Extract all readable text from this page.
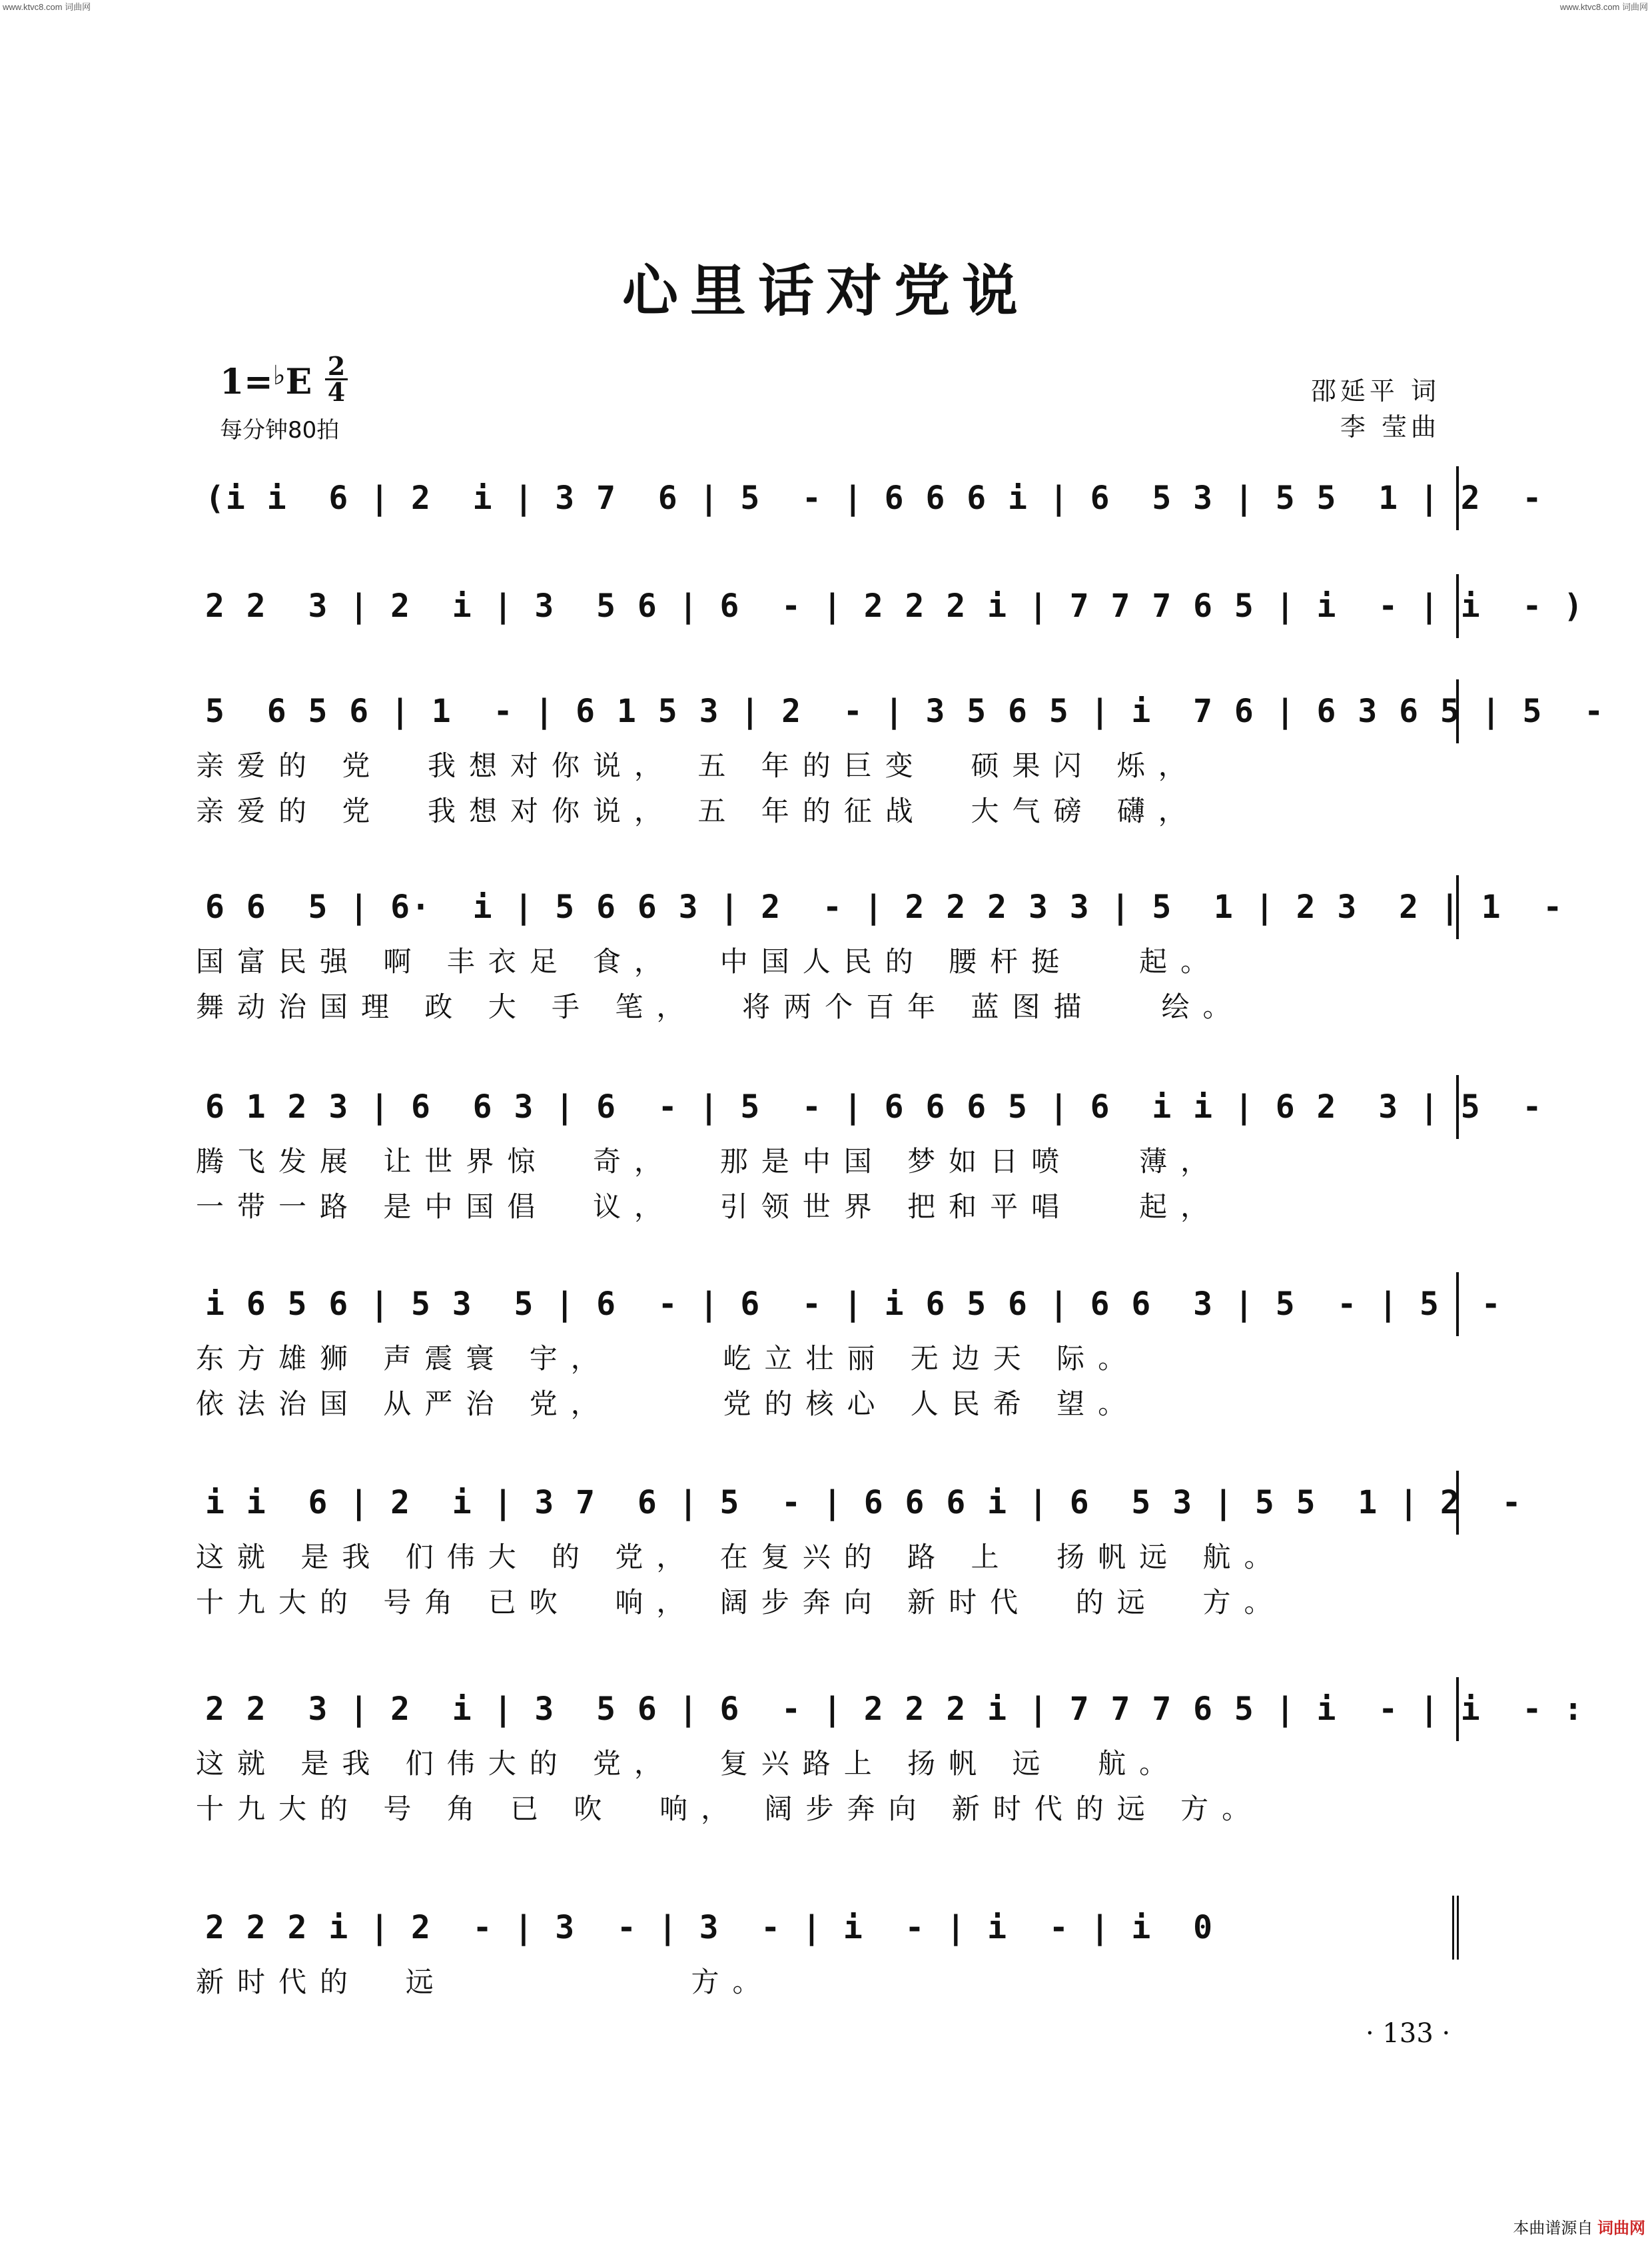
www.ktvc8.com 词曲网	www.ktvc8.com 词曲网
心里话对党说
1=♭E 2
4
每分钟80拍
邵延平 词
李 莹曲
(i i  6 | 2  i | 3 7  6 | 5  - | 6 6 6 i | 6  5 3 | 5 5  1 | 2  -
2 2  3 | 2  i | 3  5 6 | 6  - | 2 2 2 i | 7 7 7 6 5 | i  - | i  - )
5  6 5 6 | 1  - | 6 1 5 3 | 2  - | 3 5 6 5 | i  7 6 | 6 3 6 5 | 5  -
亲爱的 党  我想对你说， 五 年的巨变  硕果闪 烁，
亲爱的 党  我想对你说， 五 年的征战  大气磅 礴，
6 6  5 | 6·  i | 5 6 6 3 | 2  - | 2 2 2 3 3 | 5  1 | 2 3  2 | 1  -
国富民强 啊 丰衣足 食，  中国人民的 腰杆挺   起。
舞动治国理 政 大 手 笔，  将两个百年 蓝图描   绘。
6 1 2 3 | 6  6 3 | 6  - | 5  - | 6 6 6 5 | 6  i i | 6 2  3 | 5  -
腾飞发展 让世界惊  奇，  那是中国 梦如日喷   薄，
一带一路 是中国倡  议，  引领世界 把和平唱   起，
i 6 5 6 | 5 3  5 | 6  - | 6  - | i 6 5 6 | 6 6  3 | 5  - | 5  -
东方雄狮 声震寰 宇，     屹立壮丽 无边天 际。
依法治国 从严治 党，     党的核心 人民希 望。
i i  6 | 2  i | 3 7  6 | 5  - | 6 6 6 i | 6  5 3 | 5 5  1 | 2  -
这就 是我 们伟大 的 党， 在复兴的 路 上  扬帆远 航。
十九大的 号角 已吹  响， 阔步奔向 新时代  的远  方。
2 2  3 | 2  i | 3  5 6 | 6  - | 2 2 2 i | 7 7 7 6 5 | i  - | i  - :
这就 是我 们伟大的 党，  复兴路上 扬帆 远  航。
十九大的 号 角 已 吹  响， 阔步奔向 新时代的远 方。
2 2 2 i | 2  - | 3  - | 3  - | i  - | i  - | i  0
新时代的  远           方。
· 133 ·
本曲谱源自 词曲网
